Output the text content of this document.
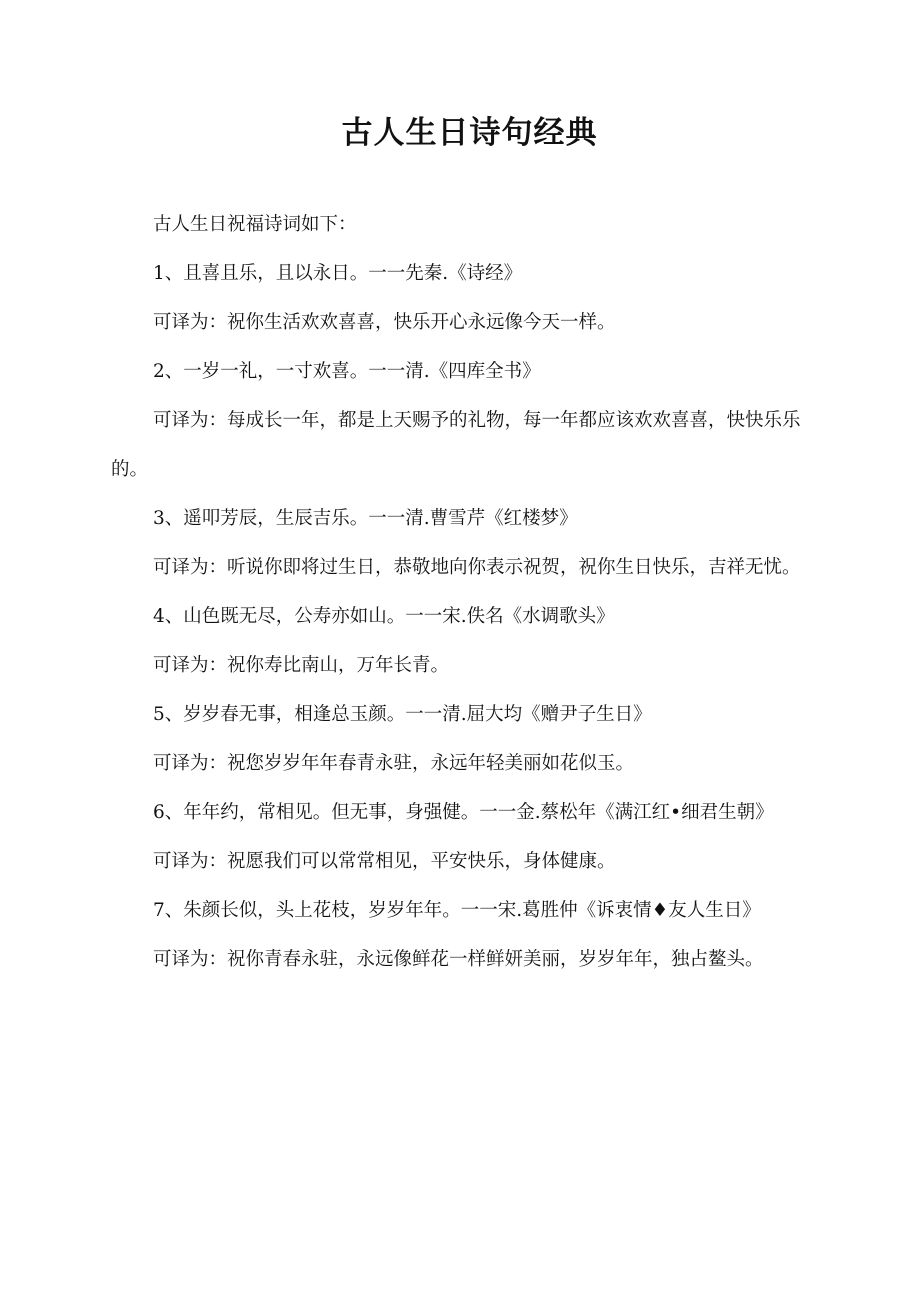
古人生日诗句经典

古人生日祝福诗词如下：

1、且喜且乐，且以永日。一一先秦.《诗经》

可译为：祝你生活欢欢喜喜，快乐开心永远像今天一样。

2、一岁一礼，一寸欢喜。一一清.《四库全书》

可译为：每成长一年，都是上天赐予的礼物，每一年都应该欢欢喜喜，快快乐乐的。

3、遥叩芳辰，生辰吉乐。一一清.曹雪芹《红楼梦》

可译为：听说你即将过生日，恭敬地向你表示祝贺，祝你生日快乐，吉祥无忧。

4、山色既无尽，公寿亦如山。一一宋.佚名《水调歌头》

可译为：祝你寿比南山，万年长青。

5、岁岁春无事，相逢总玉颜。一一清.屈大均《赠尹子生日》

可译为：祝您岁岁年年春青永驻，永远年轻美丽如花似玉。

6、年年约，常相见。但无事，身强健。一一金.蔡松年《满江红•细君生朝》

可译为：祝愿我们可以常常相见，平安快乐，身体健康。

7、朱颜长似，头上花枝，岁岁年年。一一宋.葛胜仲《诉衷情♦友人生日》

可译为：祝你青春永驻，永远像鲜花一样鲜妍美丽，岁岁年年，独占鳌头。
